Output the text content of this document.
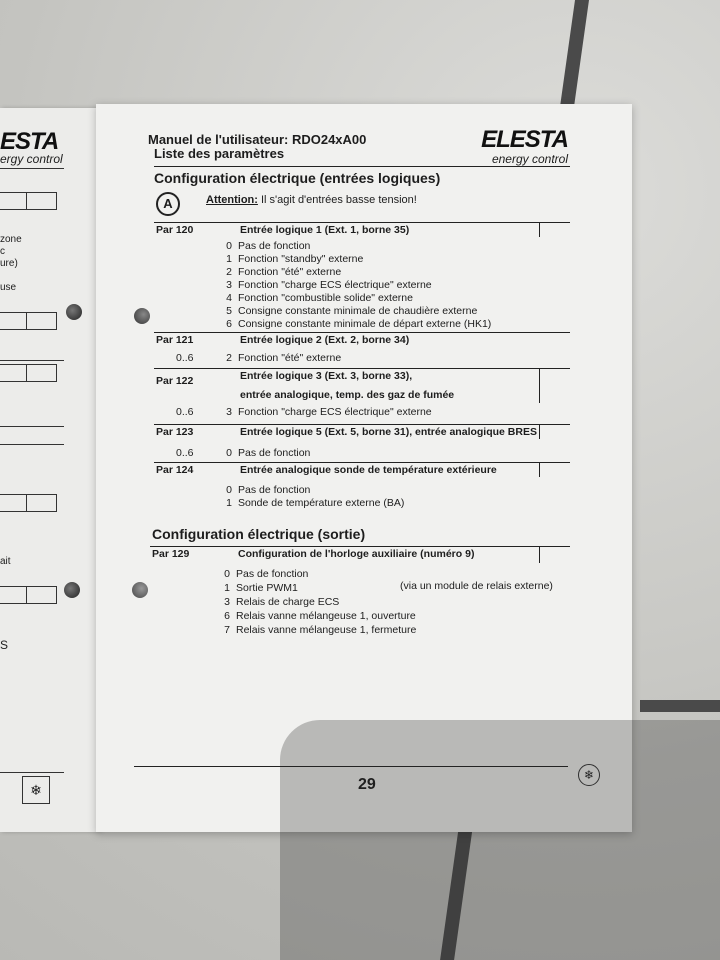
ESTA
ergy control
zone
c
ure)
use
ait
S
❄
Manuel de l'utilisateur: RDO24xA00
Liste des paramètres
ELESTA
energy control
Configuration électrique (entrées logiques)
A	Attention: Il s'agit d'entrées basse tension!
Par 120	Entrée logique 1 (Ext. 1, borne 35)
0 Pas de fonction
1 Fonction "standby" externe
2 Fonction "été" externe
3 Fonction "charge ECS électrique" externe
4 Fonction "combustible solide" externe
5 Consigne constante minimale de chaudière externe
6 Consigne constante minimale de départ externe (HK1)
Par 121	Entrée logique 2 (Ext. 2, borne 34)
0..6	2 Fonction "été" externe
Par 122	Entrée logique 3 (Ext. 3, borne 33),
entrée analogique, temp. des gaz de fumée
0..6	3 Fonction "charge ECS électrique" externe
Par 123	Entrée logique 5 (Ext. 5, borne 31), entrée analogique BRES
0..6	0 Pas de fonction
Par 124	Entrée analogique sonde de température extérieure
0 Pas de fonction
1 Sonde de température externe (BA)
Configuration électrique (sortie)
Par 129	Configuration de l'horloge auxiliaire (numéro 9)
0 Pas de fonction
1 Sortie PWM1	(via un module de relais externe)
3 Relais de charge ECS
6 Relais vanne mélangeuse 1, ouverture
7 Relais vanne mélangeuse 1, fermeture
29
❄
